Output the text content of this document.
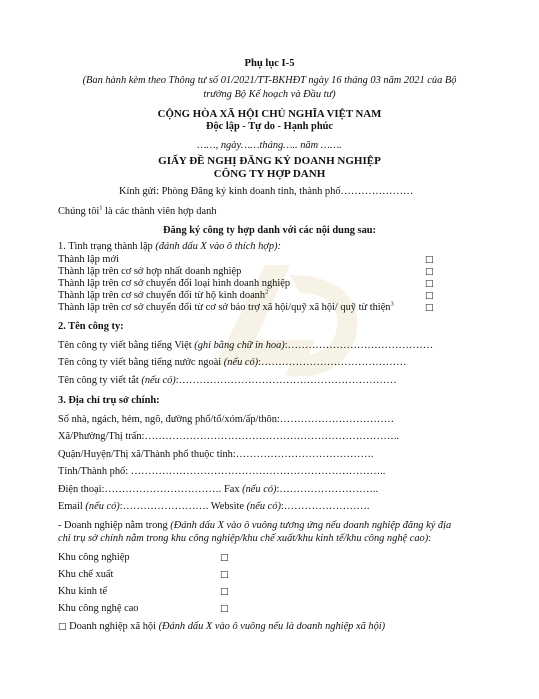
Phụ lục I-5
(Ban hành kèm theo Thông tư số 01/2021/TT-BKHĐT ngày 16 tháng 03 năm 2021 của Bộ
trưởng Bộ Kế hoạch và Đầu tư)
CỘNG HÒA XÃ HỘI CHỦ NGHĨA VIỆT NAM
Độc lập - Tự do - Hạnh phúc
……, ngày……tháng….. năm …….
GIẤY ĐỀ NGHỊ ĐĂNG KÝ DOANH NGHIỆP
CÔNG TY HỢP DANH
Kính gửi: Phòng Đăng ký kinh doanh tỉnh, thành phố…………………
Chúng tôi$^1$ là các thành viên hợp danh
Đăng ký công ty hợp danh với các nội dung sau:
1. Tình trạng thành lập (đánh dấu X vào ô thích hợp):
Thành lập mới	□
Thành lập trên cơ sở hợp nhất doanh nghiệp	□
Thành lập trên cơ sở chuyển đổi loại hình doanh nghiệp	□
Thành lập trên cơ sở chuyển đổi từ hộ kinh doanh$^2$	□
Thành lập trên cơ sở chuyển đổi từ cơ sở bảo trợ xã hội/quỹ xã hội/ quỹ từ thiện$^3$	□
2. Tên công ty:
Tên công ty viết bằng tiếng Việt (ghi bằng chữ in hoa):……………………………………
Tên công ty viết bằng tiếng nước ngoài (nếu có):……………………………………
Tên công ty viết tắt (nếu có):………………………………………………………
3. Địa chỉ trụ sở chính:
Số nhà, ngách, hẻm, ngõ, đường phố/tổ/xóm/ấp/thôn:……………………………
Xã/Phường/Thị trấn:………………………………………………………………..
Quận/Huyện/Thị xã/Thành phố thuộc tỉnh:………………………………….
Tỉnh/Thành phố: ………………………………………………………………..
Điện thoại:……………………………. Fax (nếu có):………………………..
Email (nếu có):……………………. Website (nếu có):…………………….
- Doanh nghiệp nằm trong (Đánh dấu X vào ô vuông tương ứng nếu doanh nghiệp đăng ký địa
chỉ trụ sở chính nằm trong khu công nghiệp/khu chế xuất/khu kinh tế/khu công nghệ cao):
Khu công nghiệp	□
Khu chế xuất	□
Khu kinh tế	□
Khu công nghệ cao	□
□ Doanh nghiệp xã hội (Đánh dấu X vào ô vuông nếu là doanh nghiệp xã hội)
